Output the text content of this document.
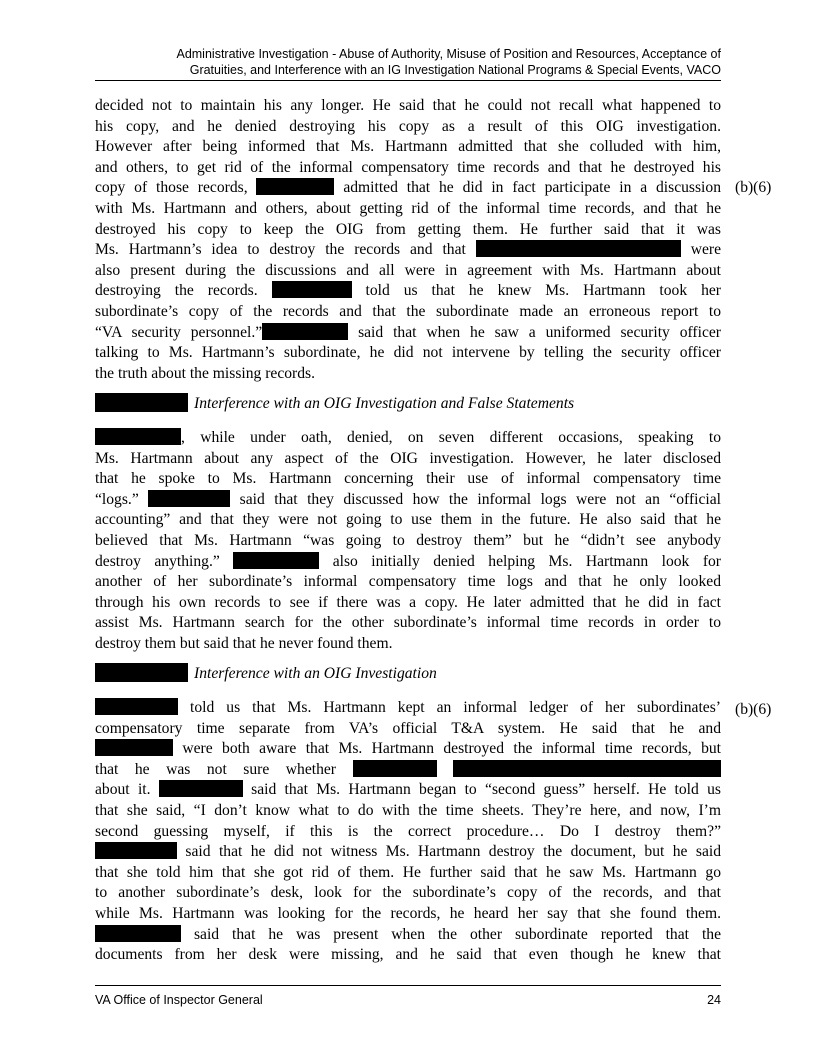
Administrative Investigation - Abuse of Authority, Misuse of Position and Resources, Acceptance of
Gratuities, and Interference with an IG Investigation National Programs & Special Events, VACO
decided not to maintain his any longer. He said that he could not recall what happened to
his copy, and he denied destroying his copy as a result of this OIG investigation.
However after being informed that Ms. Hartmann admitted that she colluded with him,
and others, to get rid of the informal compensatory time records and that he destroyed his
copy of those records,	admitted that he did in fact participate in a discussion
with Ms. Hartmann and others, about getting rid of the informal time records, and that he
destroyed his copy to keep the OIG from getting them. He further said that it was
Ms. Hartmann’s idea to destroy the records and that	were
also present during the discussions and all were in agreement with Ms. Hartmann about
destroying the records.	told us that he knew Ms. Hartmann took her
subordinate’s copy of the records and that the subordinate made an erroneous report to
“VA security personnel.”	said that when he saw a uniformed security officer
talking to Ms. Hartmann’s subordinate, he did not intervene by telling the security officer
the truth about the missing records.
(b)(6)
Interference with an OIG Investigation and False Statements
, while under oath, denied, on seven different occasions, speaking to
Ms. Hartmann about any aspect of the OIG investigation. However, he later disclosed
that he spoke to Ms. Hartmann concerning their use of informal compensatory time
“logs.”	said that they discussed how the informal logs were not an “official
accounting” and that they were not going to use them in the future. He also said that he
believed that Ms. Hartmann “was going to destroy them” but he “didn’t see anybody
destroy anything.”	also initially denied helping Ms. Hartmann look for
another of her subordinate’s informal compensatory time logs and that he only looked
through his own records to see if there was a copy. He later admitted that he did in fact
assist Ms. Hartmann search for the other subordinate’s informal time records in order to
destroy them but said that he never found them.
Interference with an OIG Investigation
told us that Ms. Hartmann kept an informal ledger of her subordinates’
compensatory time separate from VA’s official T&A system. He said that he and
were both aware that Ms. Hartmann destroyed the informal time records, but
that he was not sure whether
about it.	said that Ms. Hartmann began to “second guess” herself. He told us
that she said, “I don’t know what to do with the time sheets. They’re here, and now, I’m
second guessing myself, if this is the correct procedure… Do I destroy them?”
said that he did not witness Ms. Hartmann destroy the document, but he said
that she told him that she got rid of them. He further said that he saw Ms. Hartmann go
to another subordinate’s desk, look for the subordinate’s copy of the records, and that
while Ms. Hartmann was looking for the records, he heard her say that she found them.
said that he was present when the other subordinate reported that the
documents from her desk were missing, and he said that even though he knew that
(b)(6)
VA Office of Inspector General	24
